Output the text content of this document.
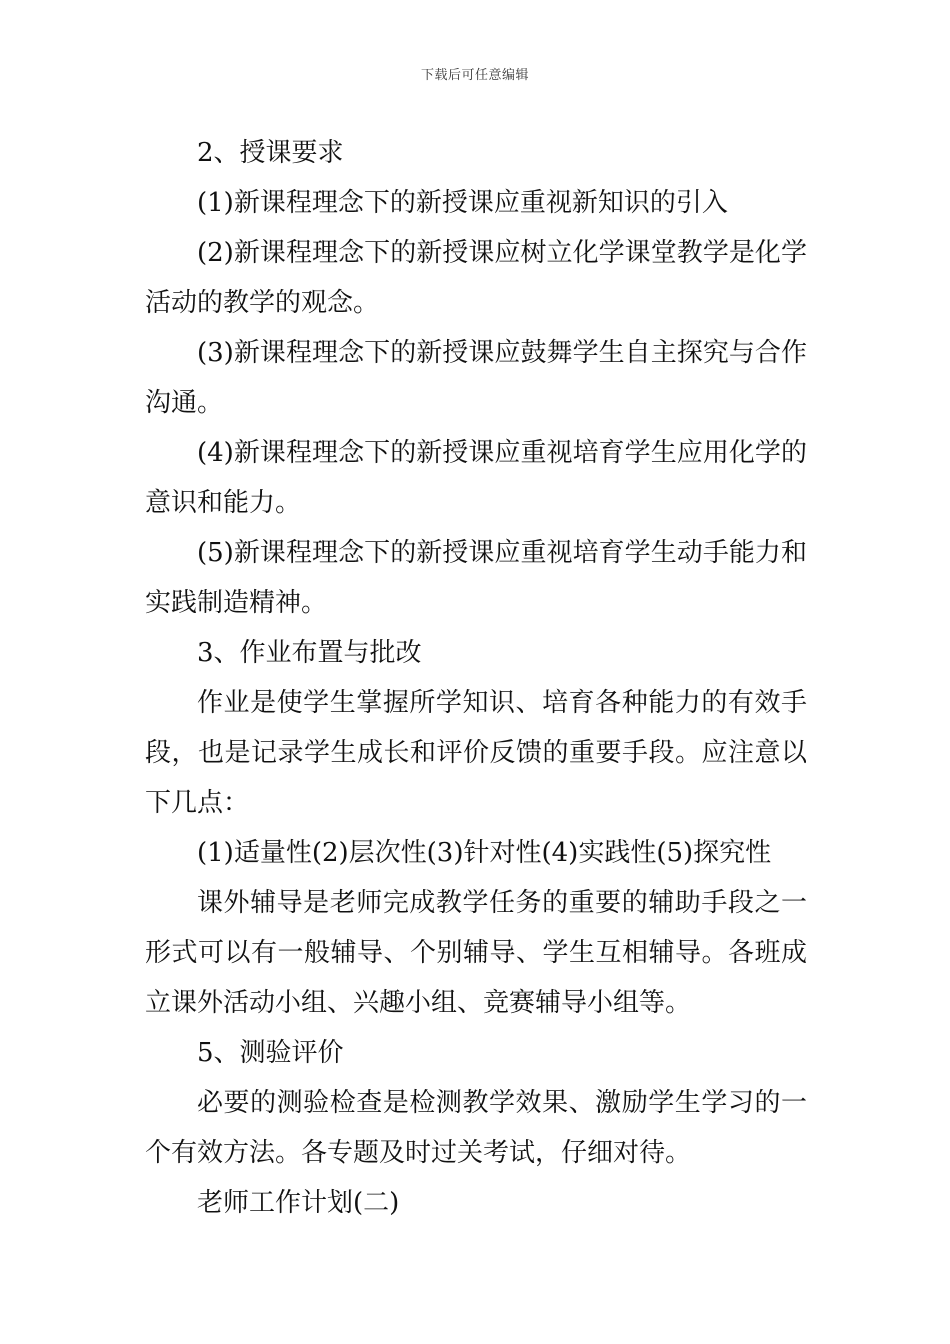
下载后可任意编辑

2、授课要求

(1)新课程理念下的新授课应重视新知识的引入

(2)新课程理念下的新授课应树立化学课堂教学是化学活动的教学的观念。

(3)新课程理念下的新授课应鼓舞学生自主探究与合作沟通。

(4)新课程理念下的新授课应重视培育学生应用化学的意识和能力。

(5)新课程理念下的新授课应重视培育学生动手能力和实践制造精神。

3、作业布置与批改

作业是使学生掌握所学知识、培育各种能力的有效手段，也是记录学生成长和评价反馈的重要手段。应注意以下几点：

(1)适量性(2)层次性(3)针对性(4)实践性(5)探究性

课外辅导是老师完成教学任务的重要的辅助手段之一形式可以有一般辅导、个别辅导、学生互相辅导。各班成立课外活动小组、兴趣小组、竞赛辅导小组等。

5、测验评价

必要的测验检查是检测教学效果、激励学生学习的一个有效方法。各专题及时过关考试，仔细对待。

老师工作计划(二)
